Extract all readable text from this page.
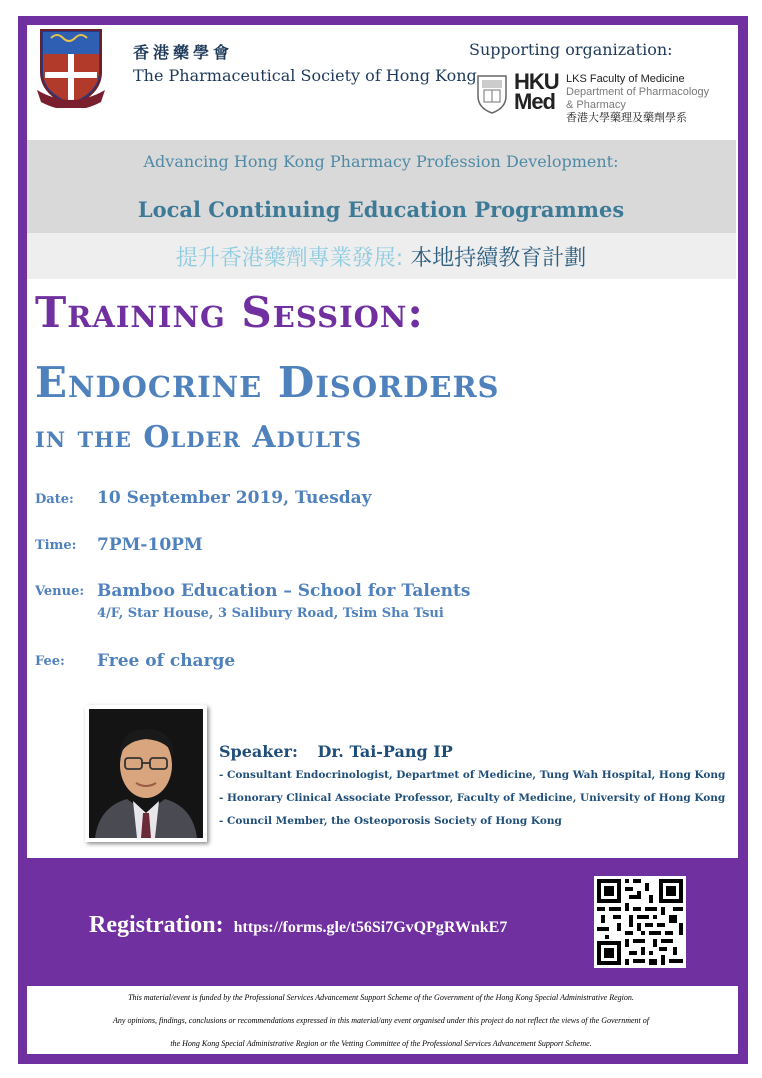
香港藥學會
The Pharmaceutical Society of Hong Kong
Supporting organization:
HKU
Med
LKS Faculty of Medicine
Department of Pharmacology
& Pharmacy
香港大學藥理及藥劑學系
Advancing Hong Kong Pharmacy Profession Development:
Local Continuing Education Programmes
提升香港藥劑專業發展: 本地持續教育計劃
Training Session:
Endocrine Disorders
in the Older Adults
Date: 10 September 2019, Tuesday
Time: 7PM-10PM
Venue: Bamboo Education – School for Talents
4/F, Star House, 3 Salibury Road, Tsim Sha Tsui
Fee: Free of charge
Speaker: Dr. Tai-Pang IP
- Consultant Endocrinologist, Departmet of Medicine, Tung Wah Hospital, Hong Kong
- Honorary Clinical Associate Professor, Faculty of Medicine, University of Hong Kong
- Council Member, the Osteoporosis Society of Hong Kong
Registration: https://forms.gle/t56Si7GvQPgRWnkE7
This material/event is funded by the Professional Services Advancement Support Scheme of the Government of the Hong Kong Special Administrative Region.
Any opinions, findings, conclusions or recommendations expressed in this material/any event organised under this project do not reflect the views of the Government of
the Hong Kong Special Administrative Region or the Vetting Committee of the Professional Services Advancement Support Scheme.
